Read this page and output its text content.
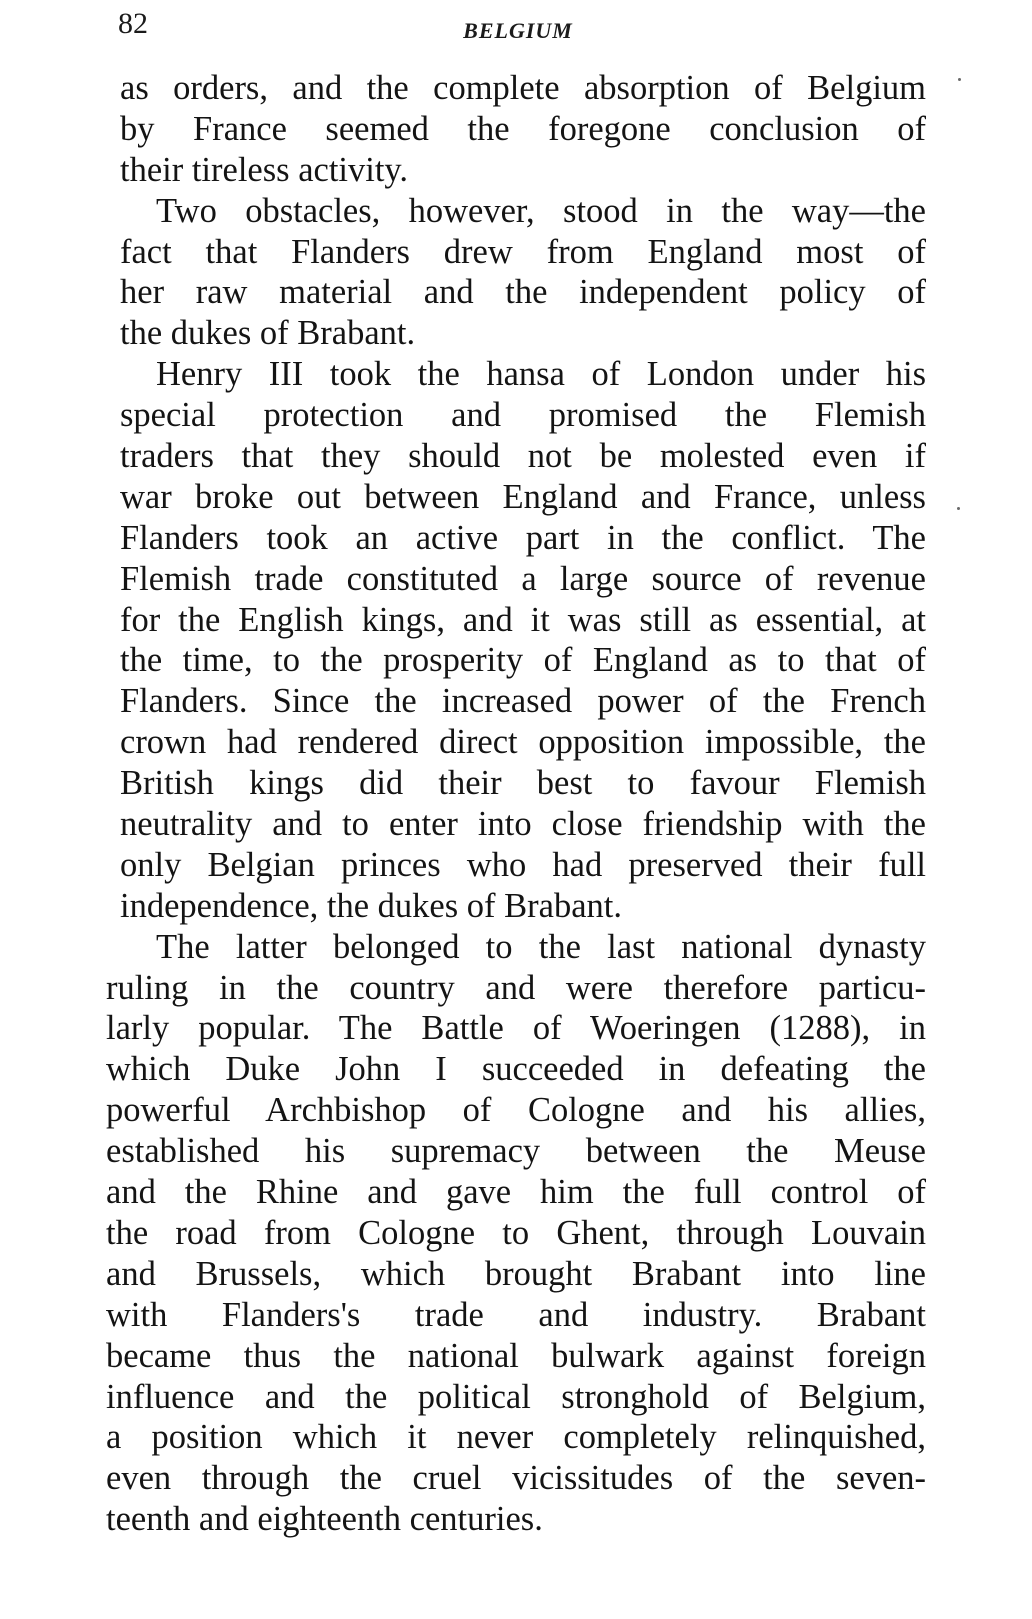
82	BELGIUM
as orders, and the complete absorption of Belgium
by France seemed the foregone conclusion of
their tireless activity.
Two obstacles, however, stood in the way—the
fact that Flanders drew from England most of
her raw material and the independent policy of
the dukes of Brabant.
Henry III took the hansa of London under his
special protection and promised the Flemish
traders that they should not be molested even if
war broke out between England and France, unless
Flanders took an active part in the conflict. The
Flemish trade constituted a large source of revenue
for the English kings, and it was still as essential, at
the time, to the prosperity of England as to that of
Flanders. Since the increased power of the French
crown had rendered direct opposition impossible, the
British kings did their best to favour Flemish
neutrality and to enter into close friendship with the
only Belgian princes who had preserved their full
independence, the dukes of Brabant.
The latter belonged to the last national dynasty
ruling in the country and were therefore particu-
larly popular. The Battle of Woeringen (1288), in
which Duke John I succeeded in defeating the
powerful Archbishop of Cologne and his allies,
established his supremacy between the Meuse
and the Rhine and gave him the full control of
the road from Cologne to Ghent, through Louvain
and Brussels, which brought Brabant into line
with Flanders's trade and industry. Brabant
became thus the national bulwark against foreign
influence and the political stronghold of Belgium,
a position which it never completely relinquished,
even through the cruel vicissitudes of the seven-
teenth and eighteenth centuries.
